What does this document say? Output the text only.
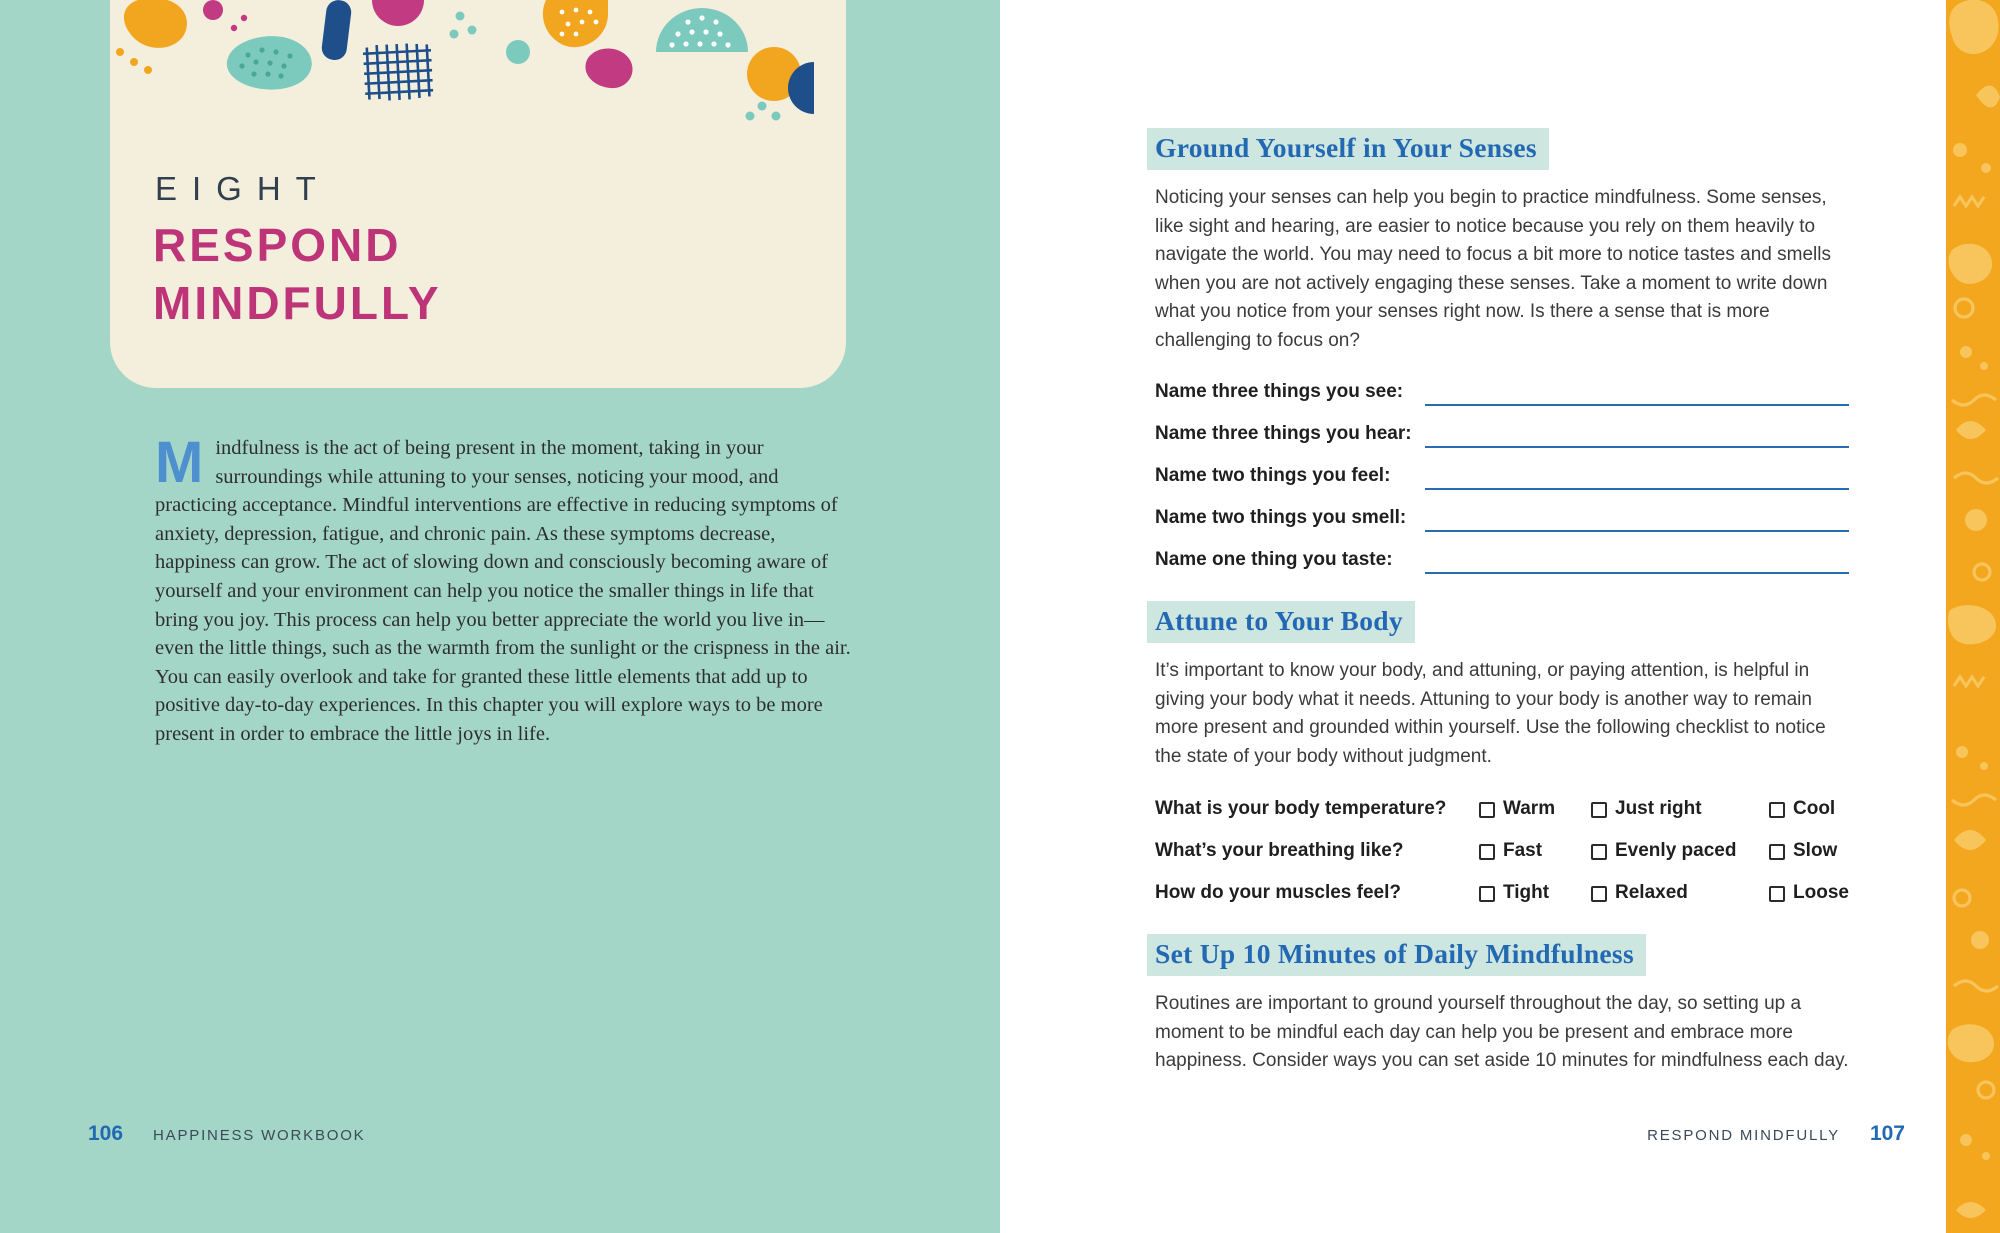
EIGHT
RESPOND
MINDFULLY
Mindfulness is the act of being present in the moment, taking in your surroundings while attuning to your senses, noticing your mood, and practicing acceptance. Mindful interventions are effective in reducing symptoms of anxiety, depression, fatigue, and chronic pain. As these symptoms decrease, happiness can grow. The act of slowing down and consciously becoming aware of yourself and your environment can help you notice the smaller things in life that bring you joy. This process can help you better appreciate the world you live in—even the little things, such as the warmth from the sunlight or the crispness in the air. You can easily overlook and take for granted these little elements that add up to positive day-to-day experiences. In this chapter you will explore ways to be more present in order to embrace the little joys in life.
106 HAPPINESS WORKBOOK
Ground Yourself in Your Senses

Noticing your senses can help you begin to practice mindfulness. Some senses, like sight and hearing, are easier to notice because you rely on them heavily to navigate the world. You may need to focus a bit more to notice tastes and smells when you are not actively engaging these senses. Take a moment to write down what you notice from your senses right now. Is there a sense that is more challenging to focus on?

Name three things you see:
Name three things you hear:
Name two things you feel:
Name two things you smell:
Name one thing you taste:
Attune to Your Body

It’s important to know your body, and attuning, or paying attention, is helpful in giving your body what it needs. Attuning to your body is another way to remain more present and grounded within yourself. Use the following checklist to notice the state of your body without judgment.

What is your body temperature?	Warm	Just right	Cool
What’s your breathing like?	Fast	Evenly paced	Slow
How do your muscles feel?	Tight	Relaxed	Loose
Set Up 10 Minutes of Daily Mindfulness

Routines are important to ground yourself throughout the day, so setting up a moment to be mindful each day can help you be present and embrace more happiness. Consider ways you can set aside 10 minutes for mindfulness each day.

RESPOND MINDFULLY 107
